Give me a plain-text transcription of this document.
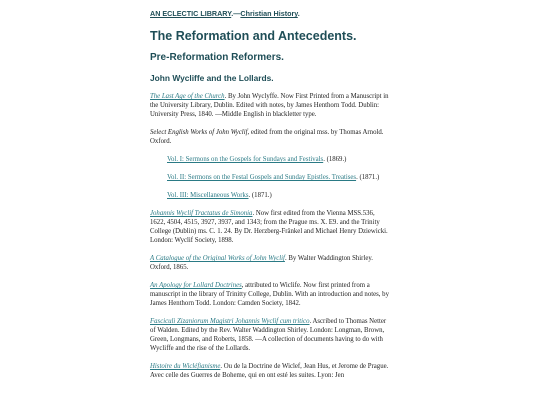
AN ECLECTIC LIBRARY.—Christian History.

The Reformation and Antecedents.
Pre-Reformation Reformers.
John Wycliffe and the Lollards.

The Last Age of the Church. By John Wyclyffe. Now First Printed from a Manuscript in the University Library, Dublin. Edited with notes, by James Henthorn Todd. Dublin: University Press, 1840. —Middle English in blackletter type.

Select English Works of John Wyclif, edited from the original mss. by Thomas Arnold. Oxford.

Vol. I: Sermons on the Gospels for Sundays and Festivals. (1869.)

Vol. II: Sermons on the Festal Gospels and Sunday Epistles. Treatises. (1871.)

Vol. III: Miscellaneous Works. (1871.)

Johannis Wyclif Tractatus de Simonia. Now first edited from the Vienna MSS.536, 1622, 4504, 4515, 3927, 3937, and 1343; from the Prague ms. X. E9. and the Trinity College (Dublin) ms. C. 1. 24. By Dr. Herzberg-Fränkel and Michael Henry Dziewicki. London: Wyclif Society, 1898.

A Catalogue of the Original Works of John Wyclif. By Walter Waddington Shirley. Oxford, 1865.

An Apology for Lollard Doctrines, attributed to Wiclife. Now first printed from a manuscript in the library of Trinitty College, Dublin. With an introduction and notes, by James Henthorn Todd. London: Camden Society, 1842.

Fasciculi Zizaniorum Magistri Johannis Wyclif cum tritico. Ascribed to Thomas Netter of Walden. Edited by the Rev. Walter Waddington Shirley. London: Longman, Brown, Green, Longmans, and Roberts, 1858. —A collection of documents having to do with Wycliffe and the rise of the Lollards.

Histoire du Wicléfianisme. Ou de la Doctrine de Wiclef, Jean Hus, et Jerome de Prague. Avec celle des Guerres de Boheme, qui en ont esté les suites. Lyon: Jen
